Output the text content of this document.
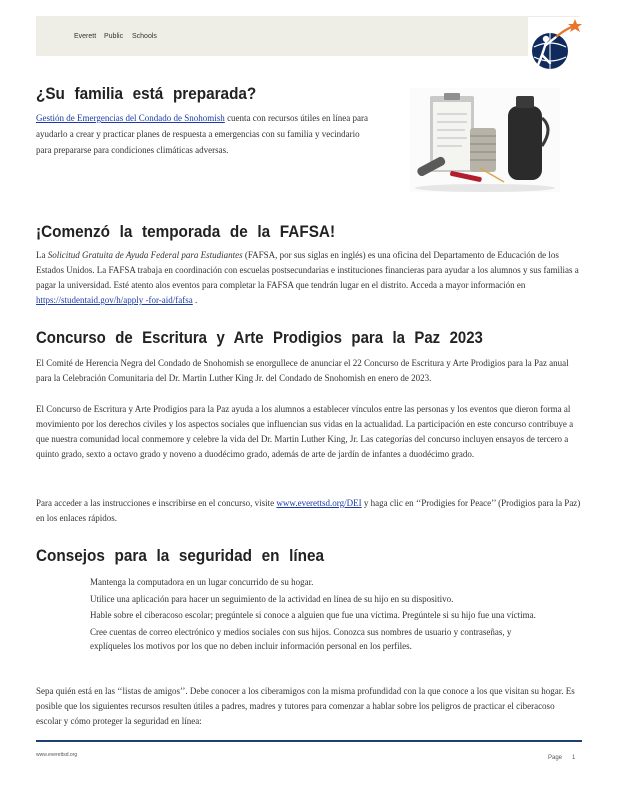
Everett Public Schools
¿Su familia está preparada?

Gestión de Emergencias del Condado de Snohomish cuenta con recursos útiles en línea para ayudarlo a crear y practicar planes de respuesta a emergencias con su familia y vecindario para prepararse para condiciones climáticas adversas.

¡Comenzó la temporada de la FAFSA!

La Solicitud Gratuita de Ayuda Federal para Estudiantes (FAFSA, por sus siglas en inglés) es una oficina del Departamento de Educación de los Estados Unidos. La FAFSA trabaja en coordinación con escuelas postsecundarias e instituciones financieras para ayudar a los alumnos y sus familias a pagar la universidad. Esté atento alos eventos para completar la FAFSA que tendrán lugar en el distrito. Acceda a mayor información en https://studentaid.gov/h/apply -for-aid/fafsa .

Concurso de Escritura y Arte Prodigios para la Paz 2023

El Comité de Herencia Negra del Condado de Snohomish se enorgullece de anunciar el 22 Concurso de Escritura y Arte Prodigios para la Paz anual para la Celebración Comunitaria del Dr. Martin Luther King Jr. del Condado de Snohomish en enero de 2023.

El Concurso de Escritura y Arte Prodigios para la Paz ayuda a los alumnos a establecer vínculos entre las personas y los eventos que dieron forma al movimiento por los derechos civiles y los aspectos sociales que influencian sus vidas en la actualidad. La participación en este concurso contribuye a que nuestra comunidad local conmemore y celebre la vida del Dr. Martin Luther King, Jr. Las categorías del concurso incluyen ensayos de tercero a quinto grado, sexto a octavo grado y noveno a duodécimo grado, además de arte de jardín de infantes a duodécimo grado.

Para acceder a las instrucciones e inscribirse en el concurso, visite www.everettsd.org/DEI y haga clic en ‘‘Prodigies for Peace’’ (Prodigios para la Paz) en los enlaces rápidos.

Consejos para la seguridad en línea
Mantenga la computadora en un lugar concurrido de su hogar.
Utilice una aplicación para hacer un seguimiento de la actividad en línea de su hijo en su dispositivo.
Hable sobre el ciberacoso escolar; pregúntele si conoce a alguien que fue una víctima. Pregúntele si su hijo fue una víctima.
Cree cuentas de correo electrónico y medios sociales con sus hijos. Conozca sus nombres de usuario y contraseñas, y explíqueles los motivos por los que no deben incluir información personal en los perfiles.

Sepa quién está en las ‘‘listas de amigos’’. Debe conocer a los ciberamigos con la misma profundidad con la que conoce a los que visitan su hogar. Es posible que los siguientes recursos resulten útiles a padres, madres y tutores para comenzar a hablar sobre los peligros de practicar el ciberacoso escolar y cómo proteger la seguridad en línea:

www.everettsd.org	Page 1
